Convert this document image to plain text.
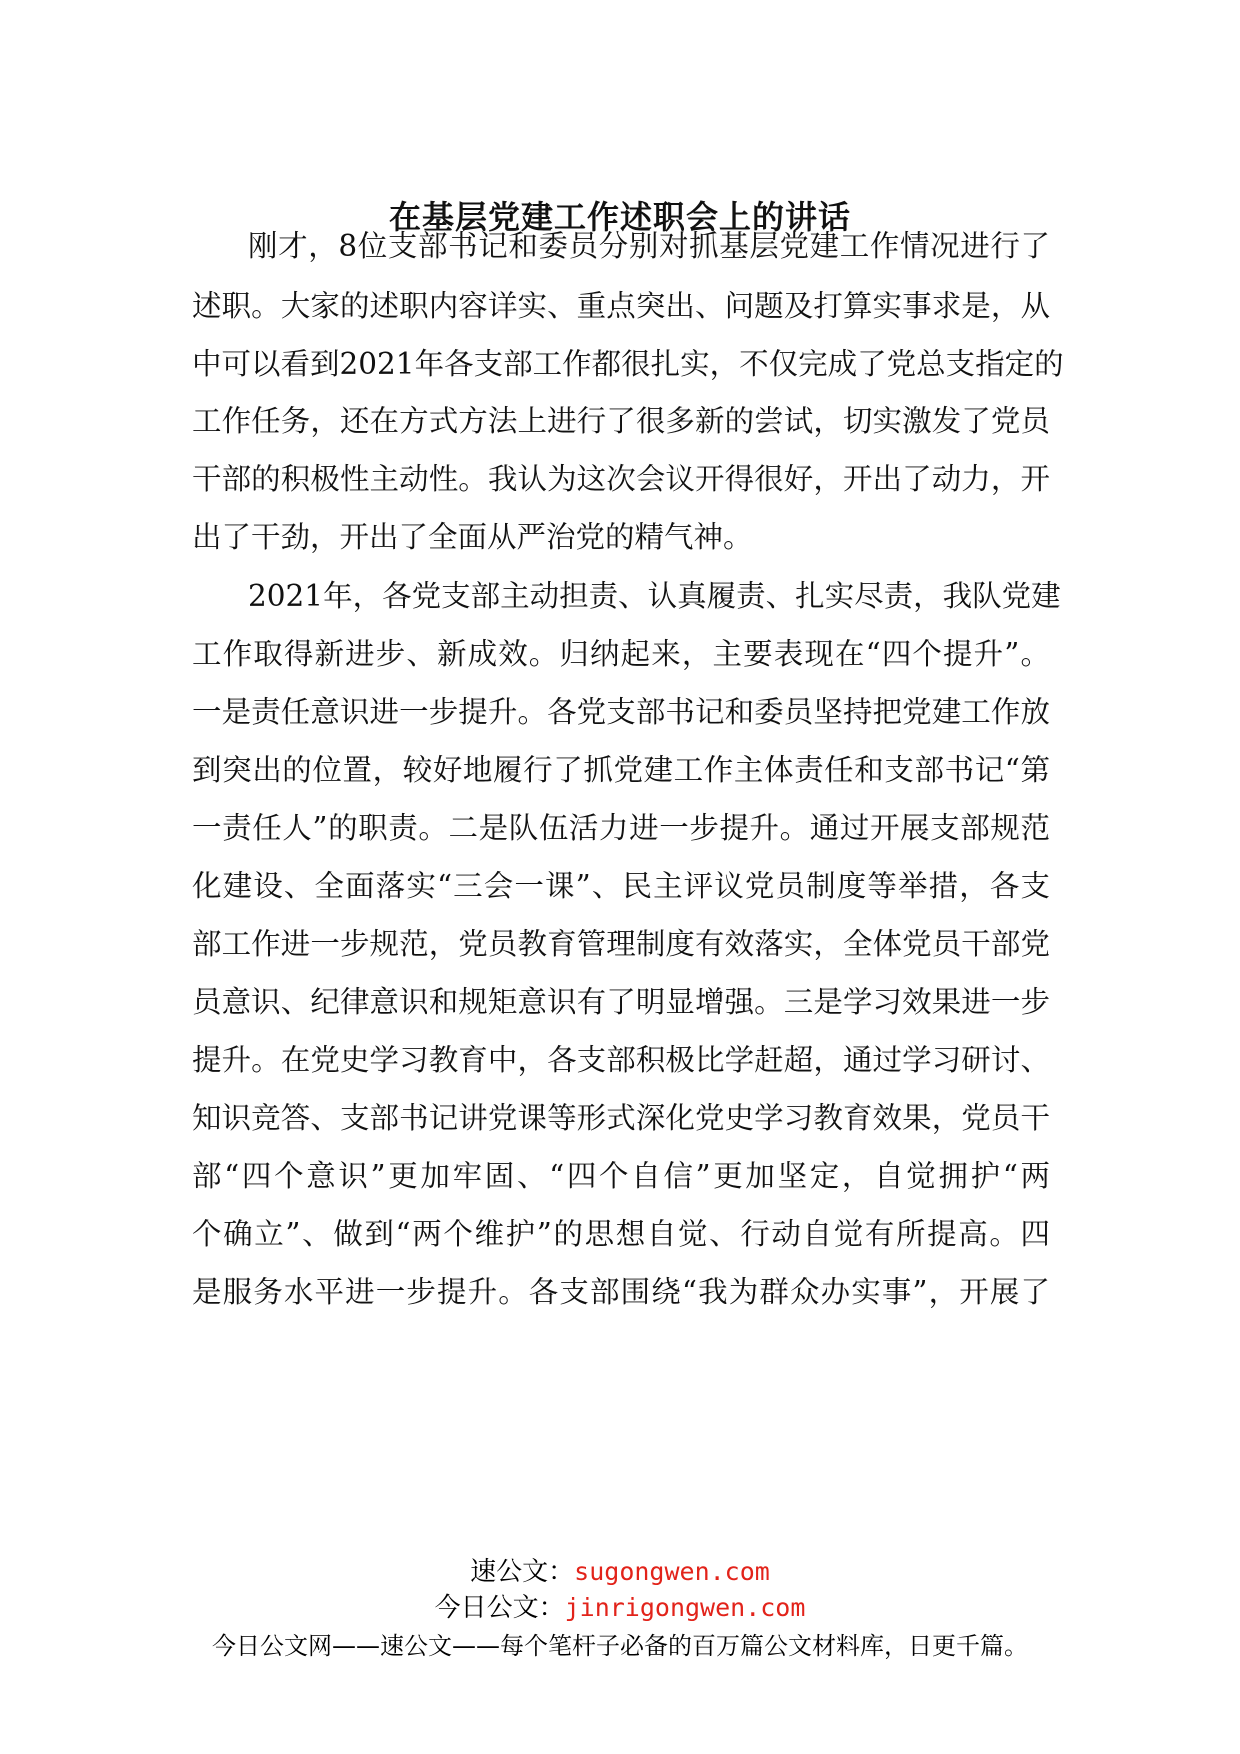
在基层党建工作述职会上的讲话
刚才，8位支部书记和委员分别对抓基层党建工作情况进行了
述职。大家的述职内容详实、重点突出、问题及打算实事求是，从
中可以看到2021年各支部工作都很扎实，不仅完成了党总支指定的
工作任务，还在方式方法上进行了很多新的尝试，切实激发了党员
干部的积极性主动性。我认为这次会议开得很好，开出了动力，开
出了干劲，开出了全面从严治党的精气神。
2021年，各党支部主动担责、认真履责、扎实尽责，我队党建
工作取得新进步、新成效。归纳起来，主要表现在“四个提升”。
一是责任意识进一步提升。各党支部书记和委员坚持把党建工作放
到突出的位置，较好地履行了抓党建工作主体责任和支部书记“第
一责任人”的职责。二是队伍活力进一步提升。通过开展支部规范
化建设、全面落实“三会一课”、民主评议党员制度等举措，各支
部工作进一步规范，党员教育管理制度有效落实，全体党员干部党
员意识、纪律意识和规矩意识有了明显增强。三是学习效果进一步
提升。在党史学习教育中，各支部积极比学赶超，通过学习研讨、
知识竞答、支部书记讲党课等形式深化党史学习教育效果，党员干
部“四个意识”更加牢固、“四个自信”更加坚定，自觉拥护“两
个确立”、做到“两个维护”的思想自觉、行动自觉有所提高。四
是服务水平进一步提升。各支部围绕“我为群众办实事”，开展了
速公文：sugongwen.com
今日公文：jinrigongwen.com
今日公文网——速公文——每个笔杆子必备的百万篇公文材料库，日更千篇。
